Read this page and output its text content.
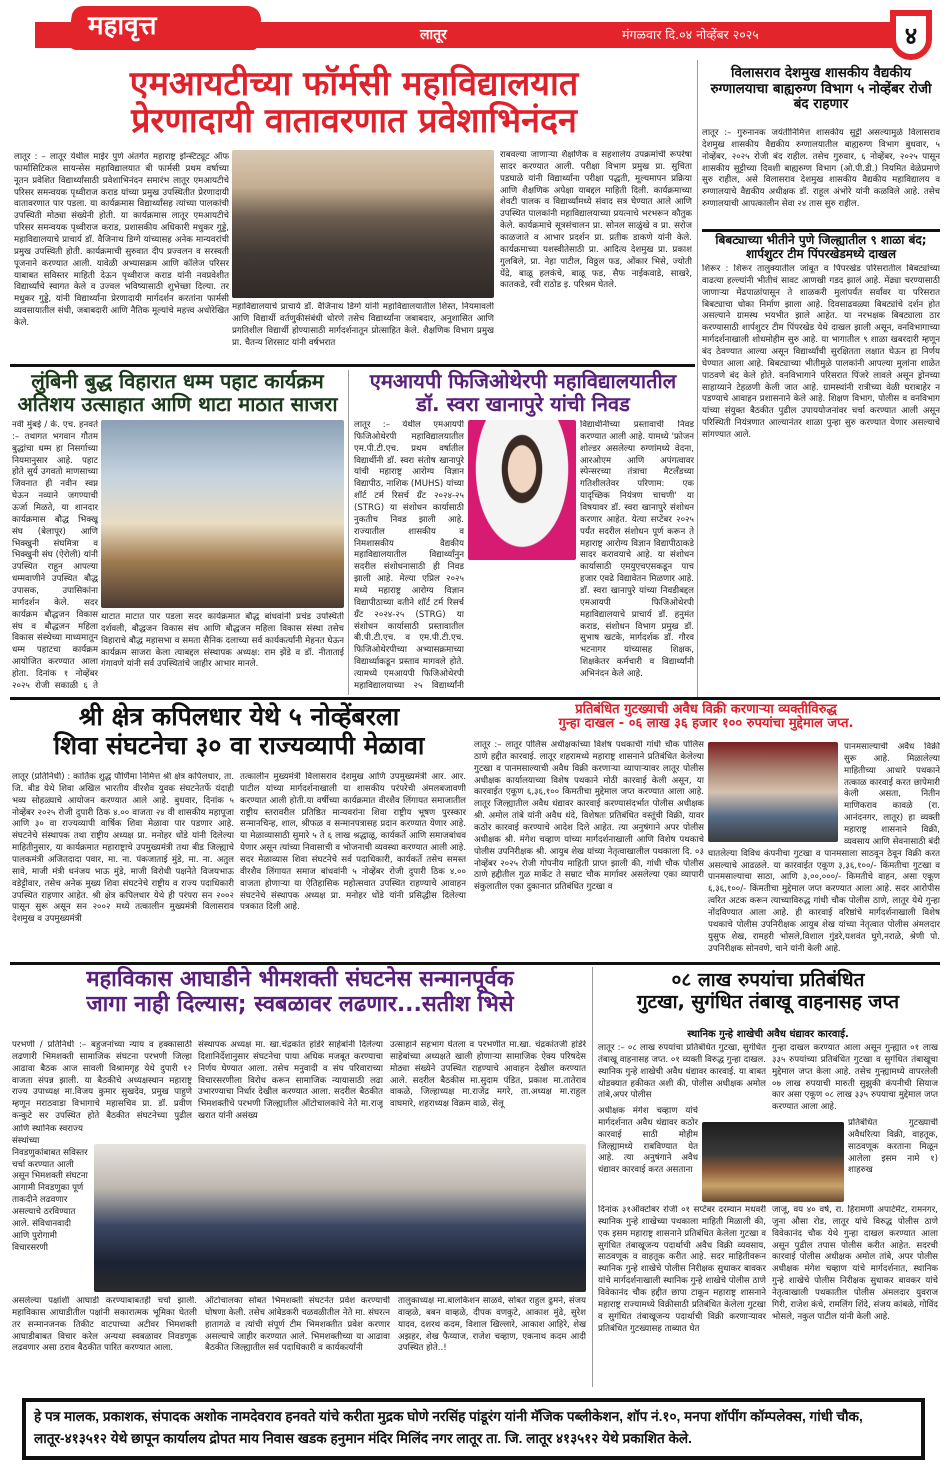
महावृत्त	लातूर	मंगळवार दि.०४ नोव्हेंबर २०२५	४
एमआयटीच्या फॉर्मसी महाविद्यालयात
प्रेरणादायी वातावरणात प्रवेशाभिनंदन
लातूर : – लातूर येथील माईर पुणे अंतर्गत महाराष्ट्र इन्स्टिट्यूट ऑफ फार्मासिटिकल सायन्सेस महाविद्यालयात बी फार्मसी प्रथम वर्षाच्या नूतन प्रवेशित विद्यार्थ्यांसाठी प्रवेशाभिनंदन समारंभ लातूर एमआयटीचे परिसर समन्वयक पृथ्वीराज कराड यांच्या प्रमुख उपस्थितीत प्रेरणादायी वातावरणात पार पडला. या कार्यक्रमास विद्यार्थ्यांसह त्यांच्या पालकांची उपस्थिती मोठ्या संख्येनी होती. या कार्यक्रमास लातूर एमआयटीचे परिसर समन्वयक पृथ्वीराज कराड, प्रशासकीय अधिकारी मधुकर गुड्डे, महाविद्यालयाचे प्राचार्य डॉ. वैजिनाथ डिग्गे यांच्यासह अनेक मान्यवरांची प्रमुख उपस्थिती होती. कार्यक्रमाची सुरुवात दीप प्रज्वलन व सरस्वती पूजनाने करण्यात आली. यावेळी अभ्यासक्रम आणि कॉलेज परिसर याबाबत सविस्तर माहिती देऊन पृथ्वीराज कराड यांनी नवप्रवेशीत विद्यार्थ्यांचे स्वागत केले व उज्वल भविष्यासाठी शुभेच्छा दिल्या. तर मधुकर गुड्डे, यांनी विद्यार्थ्यांना प्रेरणादायी मार्गदर्शन करतांना फार्मसी व्यवसायातील संधी, जबाबदारी आणि नैतिक मूल्यांचे महत्त्व अधोरेखित केले.
महाविद्यालयाचे प्राचार्य डॉ. वैजिनाथ डिग्गे यांनी महाविद्यालयातील शिस्त, नियमावली आणि विद्यार्थी वर्तणुकीसंबंधी धोरणे तसेच विद्यार्थ्यांना जबाबदार, अनुशासित आणि प्रगतिशील विद्यार्थी होण्यासाठी मार्गदर्शनातून प्रोत्साहित केले. शैक्षणिक विभाग प्रमुख प्रा. चैतन्य शिरसाट यांनी वर्षभरात
राबवल्या जाणाऱ्या शैक्षणिक व सहशालेय उपक्रमांची रूपरेषा सादर करण्यात आली. परीक्षा विभाग प्रमुख प्रा. सुचिता पडघाळे यांनी विद्यार्थ्यांना परीक्षा पद्धती, मूल्यमापन प्रक्रिया आणि शैक्षणिक अपेक्षा याबद्दल माहिती दिली. कार्यक्रमाच्या शेवटी पालक व विद्यार्थ्यांमध्ये संवाद सत्र घेण्यात आले आणि उपस्थित पालकांनी महाविद्यालयाच्या प्रयत्नाचे भरभरून कौतुक केले. कार्यक्रमाचे सूत्रसंचालन प्रा. सोनल साळुंखे व प्रा. सरोज काळजाते व आभार प्रदर्शन प्रा. प्रतीक डाकणे यांनी केले. कार्यक्रमाच्या यशस्वीतेसाठी प्रा. आदित्य देशमुख प्रा. प्रकाश गुलबिले, प्रा. नेहा पाटील, विठ्ठल फड, ओंकार भिसे, ज्योती येंद्रे, बाळू हलकंचे, बाळू फड, सैफ नाईकवाडे, साखरे, कातकडे, रवी राठोड इ. परिश्रम घेतले.
विलासराव देशमुख शासकीय वैद्यकीय रुग्णालयाचा बाह्यरुग्ण विभाग ५ नोव्हेंबर रोजी बंद राहणार
लातूर :– गुरुनानक जयंतीनिमित्त शासकीय सुट्टी असल्यामुळे विलासराव देशमुख शासकीय वैद्यकीय रुग्णालयातील बाह्यरुग्ण विभाग बुधवार, ५ नोव्हेंबर, २०२५ रोजी बंद राहील. तसेच गुरुवार, ६ नोव्हेंबर, २०२५ पासून शासकीय सुट्टीच्या दिवशी बाह्यरुग्ण विभाग (ओ.पी.डी.) नियमित वेळेप्रमाणे सुरु राहील, असे विलासराव देशमुख शासकीय वैद्यकीय महाविद्यालय व रुग्णालयाचे वैद्यकीय अधीक्षक डॉ. राहूल अंभोरे यांनी कळविले आहे. तसेच रुग्णालयाची आपत्कालीन सेवा २४ तास सुरु राहील.
बिबट्याच्या भीतीने पुणे जिल्ह्यातील ९ शाळा बंद; शार्पशुटर टीम पिंपरखेडमध्ये दाखल
शिरूर : शिरूर तालुक्यातील जांबूत व पिंपरखेड परिसरातील बिबट्यांच्या वाढत्या हल्ल्यांनी भीतीचं सावट आणखी गडद झालं आहे. मेंढ्या चरण्यासाठी जाणाऱ्या मेंढपाळांपासून ते शाळकरी मुलांपर्यंत सर्वांवर या परिसरात बिबट्याचा धोका निर्माण झाला आहे. दिवसाढवळ्या बिबट्यांचे दर्शन होत असल्याने ग्रामस्थ भयभीत झाले आहेत. या नरभक्षक बिबट्याला ठार करण्यासाठी शार्पशुटर टीम पिंपरखेड येथे दाखल झाली असून, वनविभागाच्या मार्गदर्शनाखाली शोधमोहीम सुरु आहे. या भागातील ९ शाळा खबरदारी म्हणून बंद ठेवण्यात आल्या असून विद्यार्थ्यांची सुरक्षितता लक्षात घेऊन हा निर्णय घेण्यात आला आहे. बिबट्याच्या भीतीमुळे पालकांनी आपल्या मुलांना शाळेत पाठवणे बंद केले होते. वनविभागाने परिसरात पिंजरे लावले असून ड्रोनच्या साहाय्याने टेहळणी केली जात आहे. ग्रामस्थांनी रात्रीच्या वेळी घराबाहेर न पडण्याचे आवाहन प्रशासनाने केले आहे. शिक्षण विभाग, पोलीस व वनविभाग यांच्या संयुक्त बैठकीत पुढील उपाययोजनांवर चर्चा करण्यात आली असून परिस्थिती नियंत्रणात आल्यानंतर शाळा पुन्हा सुरु करण्यात येणार असल्याचे सांगण्यात आले.
लुंबिनी बुद्ध विहारात धम्म पहाट कार्यक्रम
अतिशय उत्साहात आणि थाटा माठात साजरा
नवी मुंबई / के. एच. हनवते :– तथागत भगवान गौतम बुद्धांचा धम्म हा निसर्गाच्या नियमानुसार आहे. पहाट होते सुर्य उगवतो माणसाच्या जिवनात ही नवीन स्वप्न घेऊन नव्याने जगण्याची ऊर्जा मिळते, या शानदार कार्यक्रमास बौद्ध भिक्खू संघ (बेलापूर) आणि भिक्खुनी संघमित्रा व भिक्खुनी संघ (ऐरोली) यांनी उपस्थित राहून आपल्या धम्मवाणीने उपस्थित बौद्ध उपासक, उपासिकांना मार्गदर्शन केले. सदर कार्यक्रम बौद्धजन विकास संघ व बौद्धजन महिला विकास संस्थेच्या माध्यमातून धम्म पहाटचा कार्यक्रम आयोजित करण्यात आला होता. दिनांक १ नोव्हेंबर २०२५ रोजी सकाळी ६ ते
थाटात माटात पार पडला सदर कार्यक्रमात बौद्ध बांधवांनी प्रचंड उपस्थिती दर्शवली, बौद्धजन विकास संघ आणि बौद्धजन महिला विकास संस्था तसेच विहाराचे बौद्ध महासभा व समता सैनिक दलाच्या सर्व कार्यकर्त्यांनी मेहनत घेऊन कार्यक्रम साजरा केला त्याबद्दल संस्थापक अध्यक्ष: राम झेंडे व डॉ. नीताताई गंगावणे यांनी सर्व उपस्थितांचे जाहीर आभार मानले.
एमआयपी फिजिओथेरपी महाविद्यालयातील
डॉ. स्वरा खानापुरे यांची निवड
लातूर :– येथील एमआयपी फिजिओथेरपी महाविद्यालयातील एम.पी.टी.एच. प्रथम वर्षातील विद्यार्थीनी डॉ. स्वरा संतोष खानापुरे यांची महाराष्ट्र आरोग्य विज्ञान विद्यापीठ, नाशिक (MUHS) यांच्या शॉर्ट टर्म रिसर्च ग्रँट २०२४-२५ (STRG) या संशोधन कार्यासाठी नुकतीच निवड झाली आहे. राज्यातील शासकीय व निमशासकीय वैद्यकीय महाविद्यालयातील विद्यार्थ्यांनुन सदरील संशोधनासाठी ही निवड झाली आहे. मेल्या एप्रिल २०२५ मध्ये महाराष्ट्र आरोग्य विज्ञान विद्यापीठाच्या वतीने शॉर्ट टर्म रिसर्च ग्रँट २०२४-२५ (STRG) या संशोधन कार्यासाठी प्रस्तावातील बी.पी.टी.एच. व एम.पी.टी.एच. फिजिओथेरपीच्या अभ्यासक्रमाच्या विद्यार्थ्याकडून प्रस्ताव मागवले होते. त्यामध्ये एमआयपी फिजिओथेरपी महाविद्यालयाच्या २५ विद्यार्थ्यांनी
विद्यार्थीनीच्या प्रस्तावाची निवड करण्यात आली आहे. यामध्ये 'फ्रोजन शोल्डर असलेल्या रुग्णांमध्ये वेदना, आरओएम आणि अपंगत्वावर स्पेन्सरच्या तंत्राचा मैटलँडच्या गतिशीलतेवर परिणाम: एक यादृच्छिक नियंत्रण चाचणी' या विषयावर डॉ. स्वरा खानापुरे संशोधन करणार आहेत. येत्या सप्टेंबर २०२५ पर्यंत सदरील संशोधन पूर्ण करून ते महाराष्ट्र आरोग्य विज्ञान विद्यापीठाकडे सादर करावयाचे आहे. या संशोधन कार्यासाठी एमयुएचएसकडून पाच हजार एवढे विद्यावेतन मिळणार आहे. डॉ. स्वरा खानापुरे यांच्या निवडीबद्दल एमआयपी फिजिओथेरपी महाविद्यालयाचे प्राचार्य डॉ. हनुमंत कराड, संशोधन विभाग प्रमुख डॉ. सुभाष खटके, मार्गदर्शक डॉ. गौरव भटनागर यांच्यासह शिक्षक, शिक्षकेतर कर्मचारी व विद्यार्थ्यांनी अभिनंदन केले आहे.
श्री क्षेत्र कपिलधार येथे ५ नोव्हेंबरला
शिवा संघटनेचा ३० वा राज्यव्यापी मेळावा
लातूर (प्रतिनिधी) : कार्तिक शुद्ध पौर्णिमा निमित्त श्री क्षेत्र कपिलधार, ता. जि. बीड येथे शिवा अखिल भारतीय वीरशैव युवक संघटनेतर्फे यंदाही भव्य सोहळ्याचे आयोजन करण्यात आले आहे. बुधवार, दिनांक ५ नोव्हेंबर २०२५ रोजी दुपारी ठिक ४.०० वाजता २४ वी शासकीय महापूजा आणि ३० वा राज्यव्यापी वार्षिक शिवा मेळावा पार पडणार आहे. संघटनेचे संस्थापक तथा राष्ट्रीय अध्यक्ष प्रा. मनोहर धोंडे यांनी दिलेल्या माहितीनुसार, या कार्यक्रमात महाराष्ट्राचे उपमुख्यमंत्री तथा बीड जिल्ह्याचे पालकमंत्री अजितदादा पवार, मा. ना. पंकजाताई मुंडे, मा. ना. अतुल सावे, माजी मंत्री धनंजय भाऊ मुंडे, माजी विरोधी पक्षनेते विजयभाऊ वडेट्टीवार, तसेच अनेक मुख्य शिवा संघटनेचे राष्ट्रीय व राज्य पदाधिकारी उपस्थित राहणार आहेत. श्री क्षेत्र कपिलधार येथे ही परंपरा सन २००२ पासून सुरू असून सन २००२ मध्ये तत्कालीन मुख्यमंत्री विलासराव देशमुख व उपमुख्यमंत्री
तत्कालीन मुख्यमंत्री विलासराव देशमुख आणि उपमुख्यमंत्री आर. आर. पाटील यांच्या मार्गदर्शनाखाली या शासकीय परंपरेची अंमलबजावणी करण्यात आली होती.या वर्षीच्या कार्यक्रमात वीरशैव लिंगायत समाजातील राष्ट्रीय स्तरावरील प्रतिष्ठित मान्यवरांना शिवा राष्ट्रीय भूषण पुरस्कार सन्मानचिन्ह, शाल, श्रीफळ व सन्मानपत्रासह प्रदान करण्यात येणार आहे. या मेळाव्यासाठी सुमारे ५ ते ६ लाख श्रद्धाळू, कार्यकर्ते आणि समाजबांधव येणार असून त्यांच्या निवासाची व भोजनाची व्यवस्था करण्यात आली आहे. सदर मेळाव्यास शिवा संघटनेचे सर्व पदाधिकारी, कार्यकर्ते तसेच समस्त वीरशैव लिंगायत समाज बांधवांनी ५ नोव्हेंबर रोजी दुपारी ठिक ४.०० वाजता होणाऱ्या या ऐतिहासिक महोत्सवात उपस्थित राहण्याचे आवाहन संघटनेचे संस्थापक अध्यक्ष प्रा. मनोहर धोंडे यांनी प्रसिद्धीस दिलेल्या पत्रकात दिली आहे.
प्रतिबंधित गुटख्याची अवैध विक्री करणाऱ्या व्यक्तीविरुद्ध
गुन्हा दाखल - ०६ लाख ३६ हजार १०० रुपयांचा मुद्देमाल जप्त.
लातूर :– लातूर पोलिस अधीक्षकांच्या विशेष पथकाची गांधी चौक पोलिस ठाणे हद्दीत कारवाई. लातूर शहरामध्ये महाराष्ट्र शासनाने प्रतिबंधित केलेल्या गुटखा व पानमसाल्याची अवैध विक्री करणाऱ्या व्यापाऱ्यावर लातूर पोलीस अधीक्षक कार्यालयाच्या विशेष पथकाने मोठी कारवाई केली असून, या कारवाईत एकूण ६,३६,१०० किमतीचा मुद्देमाल जप्त करण्यात आला आहे. लातूर जिल्ह्यातील अवैध धंद्यावर कारवाई करण्यासंदर्भात पोलीस अधीक्षक श्री. अमोल तांबे यांनी अवैध धंदे, विशेषतः प्रतिबंधित वस्तूंची विक्री, यावर कठोर कारवाई करण्याचे आदेश दिले आहेत. त्या अनुषंगाने अपर पोलीस अधीक्षक श्री. मंगेश चव्हाण यांच्या मार्गदर्शनाखाली आणि विशेष पथकाचे पोलीस उपनिरीक्षक श्री. आयुब शेख यांच्या नेतृत्वाखालील पथकाला दि. ०३ नोव्हेंबर २०२५ रोजी गोपनीय माहिती प्राप्त झाली की, गांधी चौक पोलीस ठाणे हद्दीतील गुळ मार्केट ते सम्राट चौक मार्गावर असलेल्या एका व्यापारी संकुलातील एका दुकानात प्रतिबंधित गुटखा व
पानमसाल्याची अवैध विक्री सुरू आहे. मिळालेल्या माहितीच्या आधारे पथकाने तत्काळ कारवाई करत छापेमारी केली असता, नितीन माणिकराव कावळे (रा. आनंदनगर, लातूर) हा व्यक्ती महाराष्ट्र शासनाने विक्री, व्यवसाय आणि सेवनासाठी बंदी घातलेल्या विविध कंपनीचा गुटखा व पानमसाला साठवून ठेवून विक्री करत असल्याचे आढळले. या कारवाईत एकूण ३,३६,१००/- किंमतीचा गुटखा व पानमसाल्याचा साठा, आणि ३,००,०००/- किमतीचे वाहन, असा एकूण ६,३६,१००/- किंमतीचा मुद्देमाल जप्त करण्यात आला आहे. सदर आरोपीस त्वरित अटक करून त्याच्याविरुद्ध गांधी चौक पोलीस ठाणे, लातूर येथे गुन्हा नोंदविण्यात आला आहे. ही कारवाई वरिष्ठांचे मार्गदर्शनाखाली विशेष पथकाचे पोलीस उपनिरीक्षक आयुब शेख यांच्या नेतृत्वात पोलीस अंमलदार युसुफ शेख, रामहरी भोसले,विशाल गुंडरे,यशवंत घुगे,नराळे, श्रेणी पो. उपनिरीक्षक सोनवणे, चाने यांनी केली आहे.
महाविकास आघाडीने भीमशक्ती संघटनेस सन्मानपूर्वक
जागा नाही दिल्यास; स्वबळावर लढणार...सतीश भिसे
परभणी / प्रतिनिधी :– बहुजनांच्या न्याय व हक्कासाठी लढणारी भिमशक्ती सामाजिक संघटना परभणी जिल्हा आढावा बैठक आज सावली विश्रामगृह येथे दुपारी १२ वाजता संपन्न झाली. या बैठकीचे अध्यक्षस्थान महाराष्ट्र राज्य उपाध्यक्ष मा.विजय कुमार सुखदेव, प्रमुख पाहुणे म्हणून मराठवाडा विभागाचे महासचिव प्रा. डॉ. प्रवीण कन्कुटे सर उपस्थित होते बैठकीत संघटनेच्या पुढील
संस्थापक अध्यक्ष मा. खा.चंद्रकांत हांडेरे साहेबांनी दिलेल्या दिशानिर्देशानुसार संघटनेचा पाया अधिक मजबूत करण्याचा निर्णय घेण्यात आला. तसेच मनुवादी व संघ परिवाराच्या विचारसरणीला विरोध करून सामाजिक न्यायासाठी लढा उभारण्याचा निर्धार देखील करण्यात आला. सदरील बैठकीत भिमशक्तीचे परभणी जिल्ह्यातील ऑटोचालकांचे नेते मा.राजू खरात यांनी असंख्य
उत्साहाने सहभाग घेतला व परभणीत मा.खा. चंद्रकांतजी हांडेरे साहेबांच्या अध्यक्षते खाली होणाऱ्या सामाजिक ऐक्य परिषदेस मोठ्या संख्येने उपस्थित राहण्याचे आवाहन देखील करण्यात आले. सदरील बैठकीस मा.सुदाम पंडित, प्रकाश मा.तातेराव वाकळे, जिल्हाध्यक्ष मा.राजेंद्र मगरे, ता.अध्यक्ष मा.राहुल वाघमारे, शहराध्यक्ष विक्रम वाळे, सेलू
आणि स्थानिक स्वराज्य संस्थांच्या निवडणुकांबाबत सविस्तर चर्चा करण्यात आली असून भिमशक्ती संघटना आगामी निवडणुका पूर्ण ताकदीने लढवणार असल्याचे ठरविण्यात आले. संविधानवादी आणि पुरोगामी विचारसरणी
असलेल्या पक्षांशी आघाडी करण्याबाबतही चर्चा झाली. महाविकास आघाडीतील पक्षांनी सकारात्मक भूमिका घेतली तर सन्मानजनक तिकीट वाटपाच्या अटीवर भिमशक्ती आघाडीबाबत विचार करेल अन्यथा स्वबळावर निवडणूक लढवणार असा ठराव बैठकीत पारित करण्यात आला.
ऑटोचालका सोबत भिमशक्ती संघटनेत प्रवेश करण्याची घोषणा केली. तसेच आंबेडकरी चळवळीतील नेते मा. संघरत्न हातागळे व त्यांची संपूर्ण टीम भिमशक्तीत प्रवेश करणार असल्याचे जाहीर करण्यात आले. भिमशक्तीच्या या आढावा बैठकीत जिल्ह्यातील सर्व पदाधिकारी व कार्यकर्त्यांनी
तालुकाध्यक्ष मा.बालकिशन साळवे, सोबत राहुल ढुमने, संजय वाव्हळे, बबन वाव्हळे, दीपक वणकुटे, आकाश मुंढे, सुरेश यादव, दशरथ कदम, विशाल खिल्लारे, आकाश आहिरे, शेख अझहर, शेख फैय्याज, राजेश चव्हाण, एकनाथ कदम आदी उपस्थित होते..!
०८ लाख रुपयांचा प्रतिबंधित
गुटखा, सुगंधित तंबाखू वाहनासह जप्त
स्थानिक गुन्हे शाखेची अवैध धंद्यावर कारवाई.
लातूर :– ०८ लाख रुपयांचा प्रतिबंधित गुटखा, सुगंधित तंबाखू वाहनासह जप्त. ०१ व्यक्ती विरुद्ध गुन्हा दाखल. स्थानिक गुन्हे शाखेची अवैध धंद्यावर कारवाई. या बाबत थोडक्यात हकीकत अशी की, पोलीस अधीक्षक अमोल तांबे,अपर पोलीस
गुन्हा दाखल करण्यात आला असून गुन्ह्यात ०१ लाख ३३५ रुपयांच्या प्रतिबंधित गुटखा व सुगंधित तंबाखूचा मुद्देमाल जप्त केला आहे. तसेच गुन्ह्यामध्ये वापरलेली ०७ लाख रुपयाची मारुती सुझुकी कंपनीची सियाज कार असा एकूण ०८ लाख ३३५ रुपयाचा मुद्देमाल जप्त करण्यात आला आहे.
अधीक्षक मंगेश चव्हाण यांचे मार्गदर्शनात अवैध धंद्यावर कठोर कारवाई साठी मोहीम जिल्ह्यामध्ये राबविण्यात येत आहे. त्या अनुषंगाने अवैध धंद्यावर कारवाई करत असताना
प्रतिबंधित गुटख्याची अवैधरित्या विक्री, वाहतूक, साठवणूक करताना मिळून आलेला इसम नामे १) शाहरुख
दिनांक ३१ऑक्टोबर रोजी ०१ सप्टेंबर दरम्यान मधवरी स्थानिक गुन्हे शाखेच्या पथकाला माहिती मिळाली की, एक इसम महाराष्ट्र शासनाने प्रतिबंधित केलेला गुटखा व सुगंधित तंबाखूजन्य पदार्थाची अवैध विक्री व्यवसाय, साठवणूक व वाहतूक करीत आहे. सदर माहितीवरून स्थानिक गुन्हे शाखेचे पोलीस निरीक्षक सुधाकर बावकर यांचे मार्गदर्शनाखाली स्थानिक गुन्हे शाखेचे पोलीस ठाणे विवेकानंद चौक हद्दीत छापा टाकून महाराष्ट्र शासनाने महाराष्ट्र राज्यामध्ये विक्रीसाठी प्रतिबंधित केलेला गुटखा व सुगंधित तंबाखूजन्य पदार्थाची विक्री करणाऱ्यावर प्रतिबंधित गुटख्यासह ताब्यात घेत
जाजू, वय ४० वर्ष, रा. हिरामणी अपार्टमेंट, रामनगर, जुना औसा रोड, लातूर यांचे विरुद्ध पोलीस ठाणे विवेकानंद चौक येथे गुन्हा दाखल करण्यात आला असून पुढील तपास पोलीस करीत आहेत. सदरची कारवाई पोलीस अधीक्षक अमोल तांबे, अपर पोलीस अधीक्षक मंगेश चव्हाण यांचे मार्गदर्शनात, स्थानिक गुन्हे शाखेचे पोलीस निरीक्षक सुधाकर बावकर यांचे नेतृत्वाखाली पथकातील पोलीस अंमलदार युवराज गिरी, राजेश कंचे, रामलिंग शिंदे, संजय कांबळे, गोविंद भोसले, नकुल पाटील यांनी केली आहे.
हे पत्र मालक, प्रकाशक, संपादक अशोक नामदेवराव हनवते यांचे करीता मुद्रक घोणे नरसिंह पांडूरंग यांनी मॅजिक पब्लीकेशन, शॉप नं.१०, मनपा शॉपींग कॉम्पलेक्स, गांधी चौक, लातूर-४१३५१२ येथे छापून कार्यालय द्रोपत माय निवास खडक हनुमान मंदिर मिलिंद नगर लातूर ता. जि. लातूर ४१३५१२ येथे प्रकाशित केले.
